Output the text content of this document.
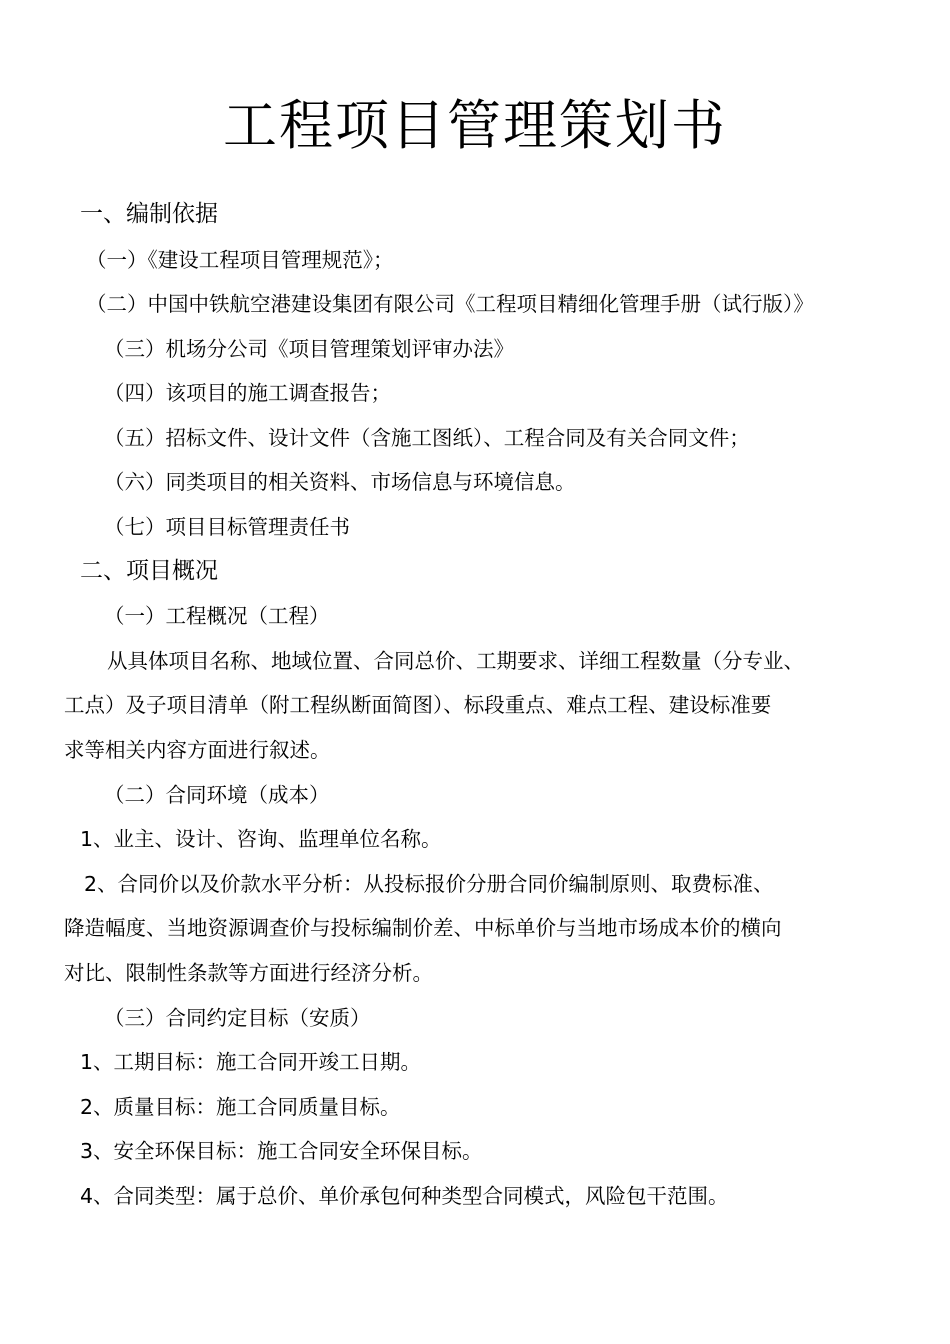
工程项目管理策划书
一、编制依据
（一）《建设工程项目管理规范》；
（二）中国中铁航空港建设集团有限公司《工程项目精细化管理手册（试行版）》
（三）机场分公司《项目管理策划评审办法》
（四）该项目的施工调查报告；
（五）招标文件、设计文件（含施工图纸）、工程合同及有关合同文件；
（六）同类项目的相关资料、市场信息与环境信息。
（七）项目目标管理责任书
二、项目概况
（一）工程概况（工程）
从具体项目名称、地域位置、合同总价、工期要求、详细工程数量（分专业、
工点）及子项目清单（附工程纵断面简图）、标段重点、难点工程、建设标准要
求等相关内容方面进行叙述。
（二）合同环境（成本）
1、业主、设计、咨询、监理单位名称。
2、合同价以及价款水平分析：从投标报价分册合同价编制原则、取费标准、
降造幅度、当地资源调查价与投标编制价差、中标单价与当地市场成本价的横向
对比、限制性条款等方面进行经济分析。
（三）合同约定目标（安质）
1、工期目标：施工合同开竣工日期。
2、质量目标：施工合同质量目标。
3、安全环保目标：施工合同安全环保目标。
4、合同类型：属于总价、单价承包何种类型合同模式，风险包干范围。
